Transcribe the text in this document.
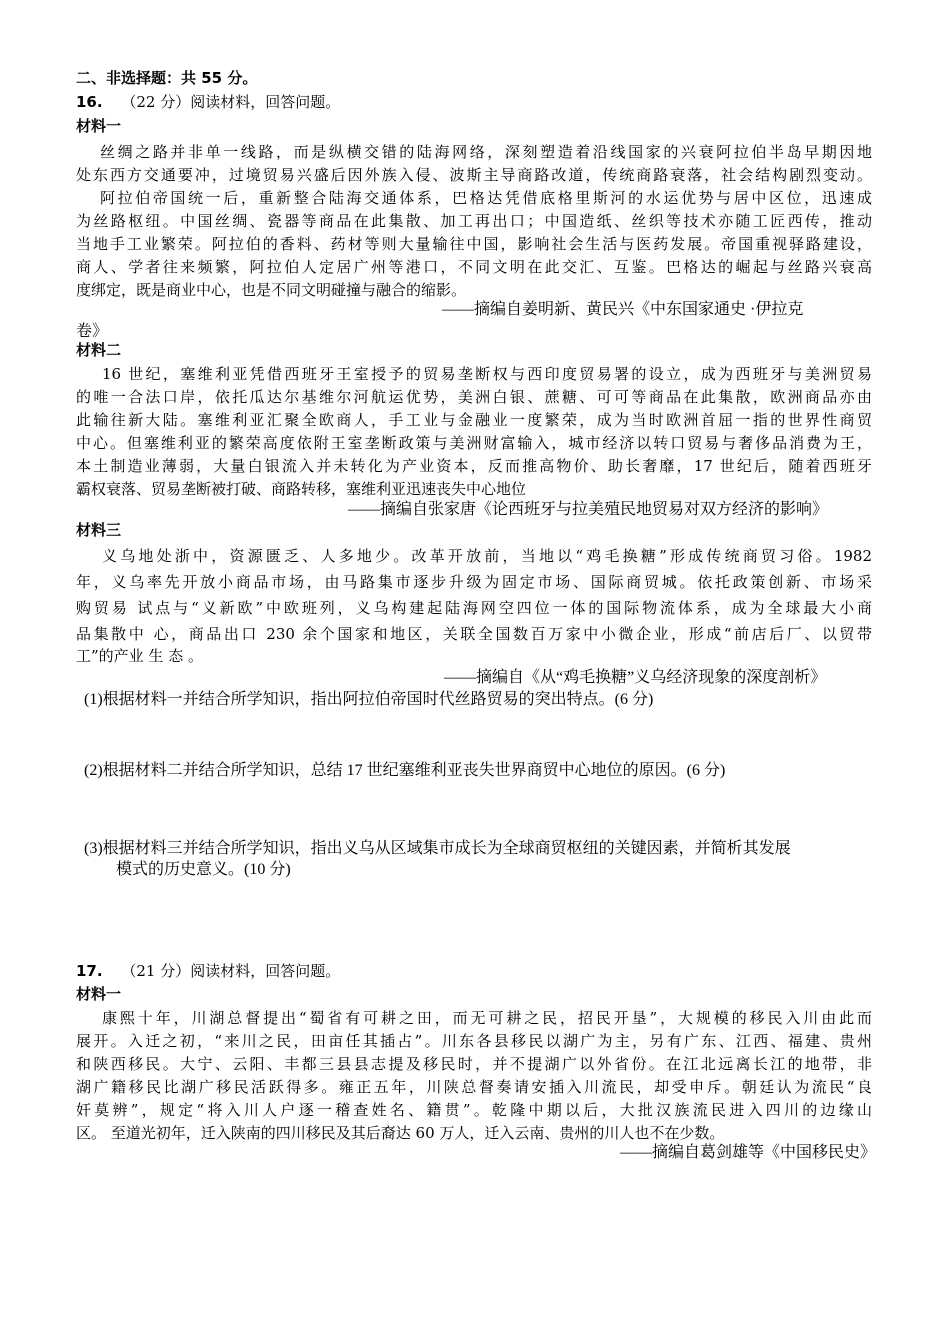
二、非选择题：共 55 分。
16. （22 分）阅读材料，回答问题。
材料一
丝绸之路并非单一线路，而是纵横交错的陆海网络，深刻塑造着沿线国家的兴衰阿拉伯半岛早期因地
处东西方交通要冲，过境贸易兴盛后因外族入侵、波斯主导商路改道，传统商路衰落，社会结构剧烈变动。
阿拉伯帝国统一后，重新整合陆海交通体系，巴格达凭借底格里斯河的水运优势与居中区位，迅速成
为丝路枢纽。中国丝绸、瓷器等商品在此集散、加工再出口；中国造纸、丝织等技术亦随工匠西传，推动
当地手工业繁荣。阿拉伯的香料、药材等则大量输往中国，影响社会生活与医药发展。帝国重视驿路建设，
商人、学者往来频繁，阿拉伯人定居广州等港口，不同文明在此交汇、互鉴。巴格达的崛起与丝路兴衰高
度绑定，既是商业中心，也是不同文明碰撞与融合的缩影。
——摘编自姜明新、黄民兴《中东国家通史 ·伊拉克
卷》
材料二
16 世纪，塞维利亚凭借西班牙王室授予的贸易垄断权与西印度贸易署的设立，成为西班牙与美洲贸易
的唯一合法口岸，依托瓜达尔基维尔河航运优势，美洲白银、蔗糖、可可等商品在此集散，欧洲商品亦由
此输往新大陆。塞维利亚汇聚全欧商人，手工业与金融业一度繁荣，成为当时欧洲首屈一指的世界性商贸
中心。但塞维利亚的繁荣高度依附王室垄断政策与美洲财富输入，城市经济以转口贸易与奢侈品消费为王，
本土制造业薄弱，大量白银流入并未转化为产业资本，反而推高物价、助长奢靡，17 世纪后，随着西班牙
霸权衰落、贸易垄断被打破、商路转移，塞维利亚迅速丧失中心地位
——摘编自张家唐《论西班牙与拉美殖民地贸易对双方经济的影响》
材料三
义乌地处浙中，资源匮乏、人多地少。改革开放前，当地以“鸡毛换糖”形成传统商贸习俗。1982
年，义乌率先开放小商品市场，由马路集市逐步升级为固定市场、国际商贸城。依托政策创新、市场采
购贸易 试点与“义新欧”中欧班列，义乌构建起陆海网空四位一体的国际物流体系，成为全球最大小商
品集散中 心，商品出口 230 余个国家和地区，关联全国数百万家中小微企业，形成“前店后厂、以贸带
工”的产业 生 态 。
——摘编自《从“鸡毛换糖”义乌经济现象的深度剖析》
(1)根据材料一并结合所学知识，指出阿拉伯帝国时代丝路贸易的突出特点。(6 分)
(2)根据材料二并结合所学知识，总结 17 世纪塞维利亚丧失世界商贸中心地位的原因。(6 分)
(3)根据材料三并结合所学知识，指出义乌从区域集市成长为全球商贸枢纽的关键因素，并简析其发展
模式的历史意义。(10 分)
17. （21 分）阅读材料，回答问题。
材料一
康熙十年，川湖总督提出“蜀省有可耕之田，而无可耕之民，招民开垦”，大规模的移民入川由此而
展开。入迁之初，“来川之民，田亩任其插占”。川东各县移民以湖广为主，另有广东、江西、福建、贵州
和陕西移民。大宁、云阳、丰都三县县志提及移民时，并不提湖广以外省份。在江北远离长江的地带，非
湖广籍移民比湖广移民活跃得多。雍正五年，川陕总督奏请安插入川流民，却受申斥。朝廷认为流民“良
奸莫辨”，规定“将入川人户逐一稽查姓名、籍贯”。乾隆中期以后，大批汉族流民进入四川的边缘山
区。 至道光初年，迁入陕南的四川移民及其后裔达 60 万人，迁入云南、贵州的川人也不在少数。
——摘编自葛剑雄等《中国移民史》
